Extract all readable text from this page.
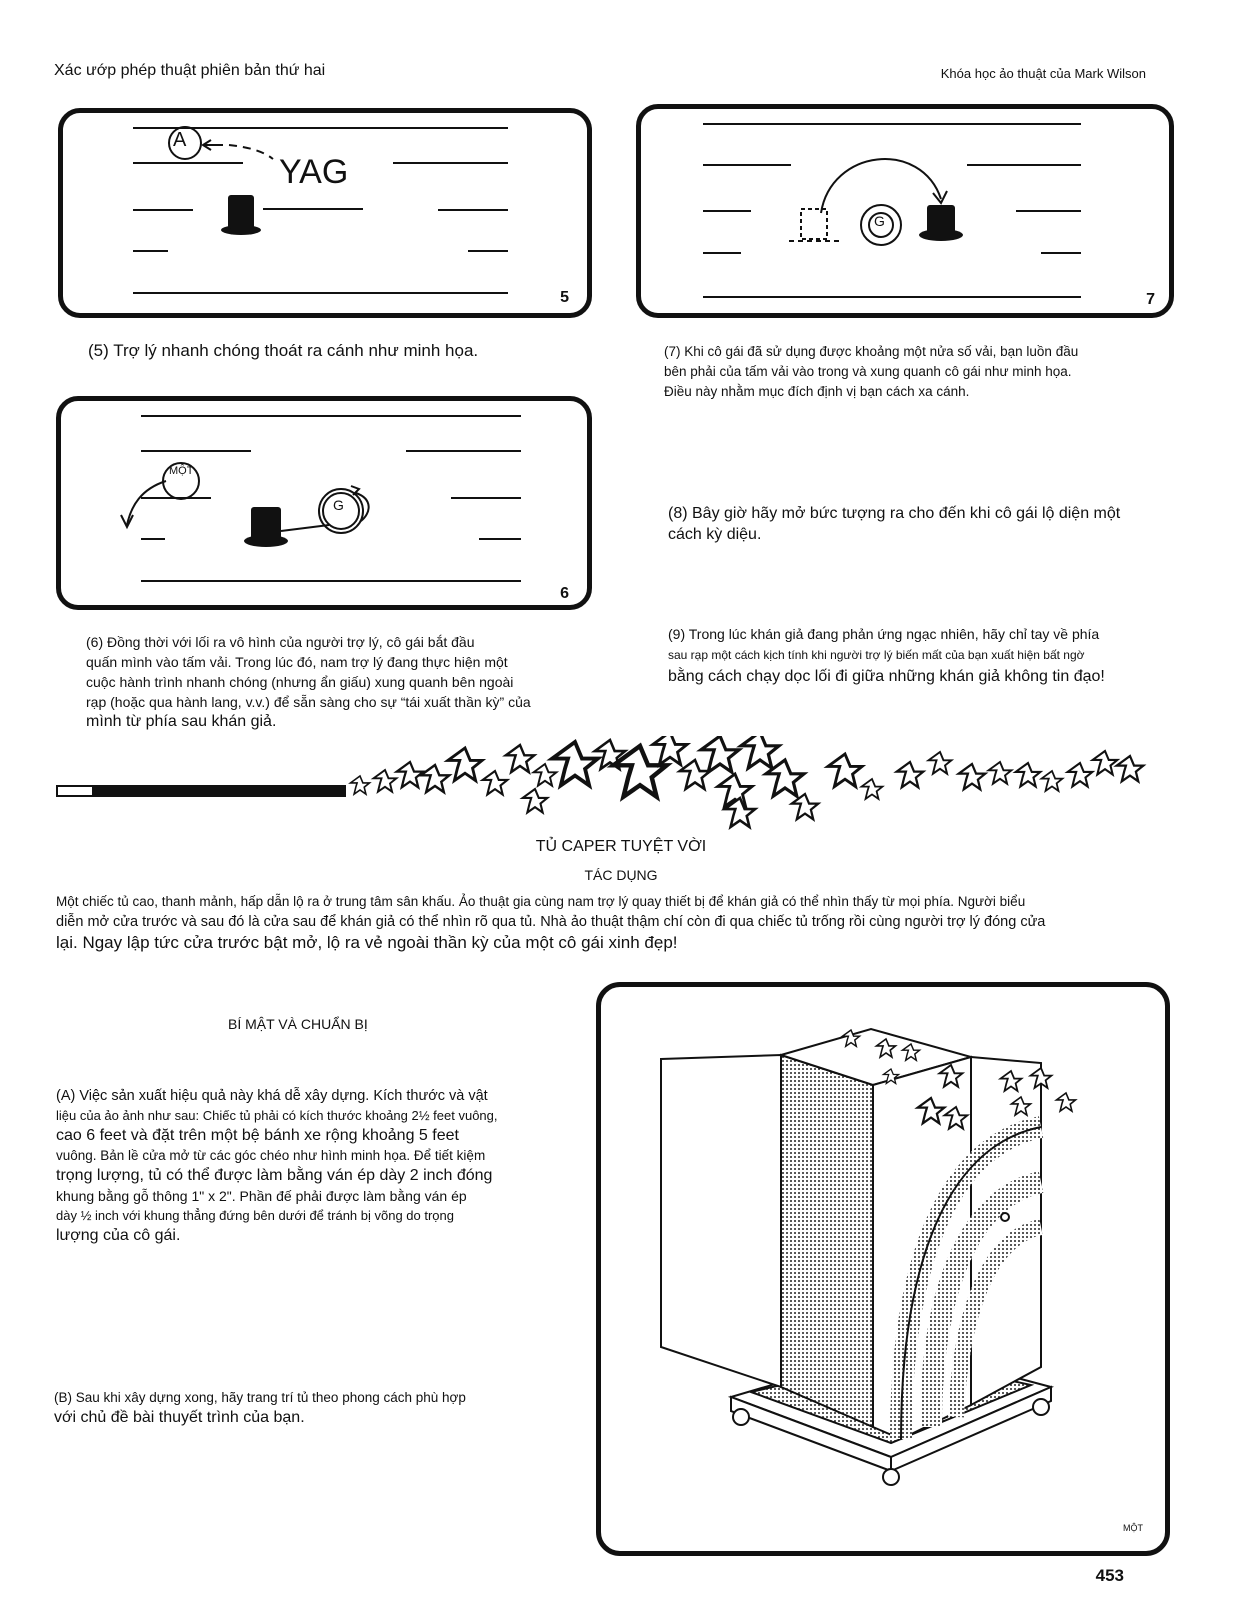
Xác ướp phép thuật phiên bản thứ hai	Khóa học ảo thuật của Mark Wilson
A
YAG
5
G
7
(5) Trợ lý nhanh chóng thoát ra cánh như minh họa.	(7) Khi cô gái đã sử dụng được khoảng một nửa số vải, bạn luồn đầu
bên phải của tấm vải vào trong và xung quanh cô gái như minh họa.
Điều này nhằm mục đích định vị bạn cách xa cánh.
MỘT
G
6
(8) Bây giờ hãy mở bức tượng ra cho đến khi cô gái lộ diện một
cách kỳ diệu.
(6) Đồng thời với lối ra vô hình của người trợ lý, cô gái bắt đầu
quấn mình vào tấm vải. Trong lúc đó, nam trợ lý đang thực hiện một
cuộc hành trình nhanh chóng (nhưng ẩn giấu) xung quanh bên ngoài
rạp (hoặc qua hành lang, v.v.) để sẵn sàng cho sự “tái xuất thần kỳ” của
mình từ phía sau khán giả.
(9) Trong lúc khán giả đang phản ứng ngạc nhiên, hãy chỉ tay về phía
sau rạp một cách kịch tính khi người trợ lý biến mất của bạn xuất hiện bất ngờ
bằng cách chạy dọc lối đi giữa những khán giả không tin đạo!
TỦ CAPER TUYỆT VỜI
TÁC DỤNG
Một chiếc tủ cao, thanh mảnh, hấp dẫn lộ ra ở trung tâm sân khấu. Ảo thuật gia cùng nam trợ lý quay thiết bị để khán giả có thể nhìn thấy từ mọi phía. Người biểu
diễn mở cửa trước và sau đó là cửa sau để khán giả có thể nhìn rõ qua tủ. Nhà ảo thuật thậm chí còn đi qua chiếc tủ trống rồi cùng người trợ lý đóng cửa
lại. Ngay lập tức cửa trước bật mở, lộ ra vẻ ngoài thần kỳ của một cô gái xinh đẹp!
BÍ MẬT VÀ CHUẨN BỊ
(A) Việc sản xuất hiệu quả này khá dễ xây dựng. Kích thước và vật
liệu của ảo ảnh như sau: Chiếc tủ phải có kích thước khoảng 2½ feet vuông,
cao 6 feet và đặt trên một bệ bánh xe rộng khoảng 5 feet
vuông. Bản lề cửa mở từ các góc chéo như hình minh họa. Để tiết kiệm
trọng lượng, tủ có thể được làm bằng ván ép dày 2 inch đóng
khung bằng gỗ thông 1" x 2". Phần đế phải được làm bằng ván ép
dày ½ inch với khung thẳng đứng bên dưới để tránh bị võng do trọng
lượng của cô gái.
(B) Sau khi xây dựng xong, hãy trang trí tủ theo phong cách phù hợp
với chủ đề bài thuyết trình của bạn.
MỘT
453
